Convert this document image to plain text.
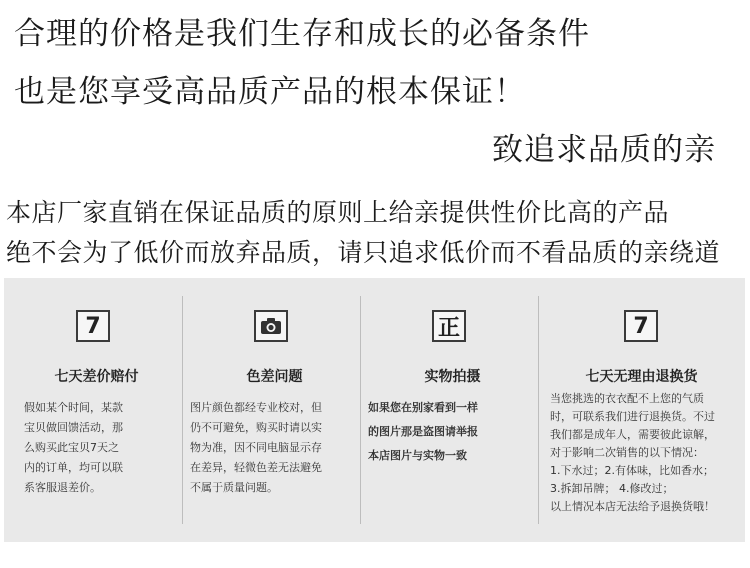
合理的价格是我们生存和成长的必备条件
也是您享受高品质产品的根本保证！
致追求品质的亲
本店厂家直销在保证品质的原则上给亲提供性价比高的产品
绝不会为了低价而放弃品质，请只追求低价而不看品质的亲绕道
7
七天差价赔付
假如某个时间，某款
宝贝做回馈活动，那
么购买此宝贝7天之
内的订单，均可以联
系客服退差价。
色差问题
图片颜色都经专业校对，但
仍不可避免，购买时请以实
物为准，因不同电脑显示存
在差异，轻微色差无法避免
不属于质量问题。
正
实物拍摄
如果您在别家看到一样
的图片那是盗图请举报
本店图片与实物一致
7
七天无理由退换货
当您挑选的衣衣配不上您的气质
时，可联系我们进行退换货。不过
我们都是成年人，需要彼此谅解，
对于影响二次销售的以下情况：
1.下水过；2.有体味，比如香水；
3.拆卸吊牌； 4.修改过；
以上情况本店无法给予退换货哦！
